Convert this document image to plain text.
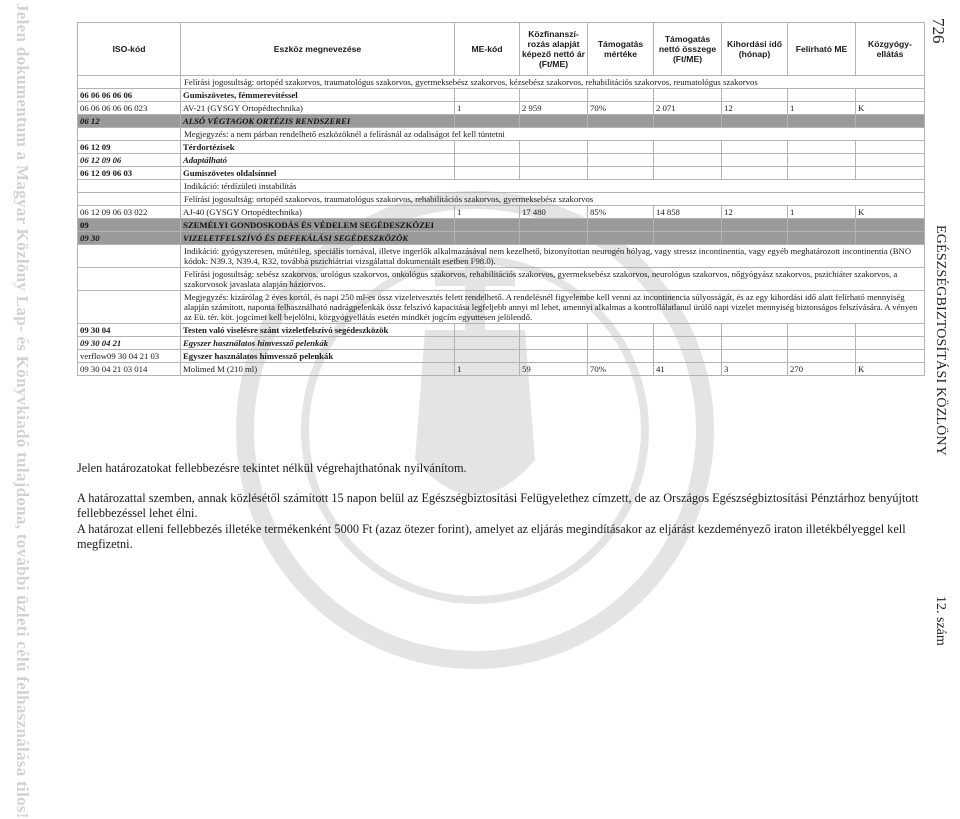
Jelen dokumentum a Magyar Közlöny Lap- és Könyvkiadó tulajdona, további üzleti célú felhasználása tilos!	726
EGÉSZSÉGBIZTOSÍTÁSI KÖZLÖNY
12. szám
ISO-kód	Eszköz megnevezése	ME-kód	Közfinanszí-rozás alapját képező nettó ár (Ft/ME)	Támogatás mértéke	Támogatás nettó összege (Ft/ME)	Kihordási idő (hónap)	Felírható ME	Közgyógy-ellátás
	Felírási jogosultság: ortopéd szakorvos, traumatológus szakorvos, gyermeksebész szakorvos, kézsebész szakorvos, rehabilitációs szakorvos, reumatológus szakorvos							
06 06 06 06 06	Gumiszövetes, fémmerevítéssel							
06 06 06 06 06 023	AV-21 (GYSGY Ortopédtechnika)	1	2 959	70%	2 071	12	1	K
06 12	ALSÓ VÉGTAGOK ORTÉZIS RENDSZEREI							
	Megjegyzés: a nem párban rendelhető eszközöknél a felírásnál az odaliságot fel kell tüntetni							
06 12 09	Térdortézisek							
06 12 09 06	Adaptálható							
06 12 09 06 03	Gumiszövetes oldalsínnel							
	Indikáció: térdízületi instabilitás							
	Felírási jogosultság: ortopéd szakorvos, traumatológus szakorvos, rehabilitációs szakorvos, gyermeksebész szakorvos							
06 12 09 06 03 022	AJ-40 (GYSGY Ortopédtechnika)	1	17 480	85%	14 858	12	1	K
09	SZEMÉLYI GONDOSKODÁS ÉS VÉDELEM SEGÉDESZKÖZEI							
09 30	VIZELETFELSZÍVÓ ÉS DEFEKÁLÁSI SEGÉDESZKÖZÖK							
	Indikáció: gyógyszeresen, műtétileg, speciális tornával, illetve ingerlők alkalmazásával nem kezelhető, bizonyítottan neurogén hólyag, vagy stressz incontinentia, vagy egyéb meghatározott incontinentia (BNO kódok: N39.3, N39.4, R32, továbbá pszichiátriai vizsgálattal dokumentált esetben F98.0).							
	Felírási jogosultság: sebész szakorvos, urológus szakorvos, onkológus szakorvos, rehabilitációs szakorvos, gyermeksebész szakorvos, neurológus szakorvos, nőgyógyász szakorvos, pszichiáter szakorvos, a szakorvosok javaslata alapján háziorvos.							
	Megjegyzés: kizárólag 2 éves kortól, és napi 250 ml-es össz vizeletvesztés felett rendelhető. A rendelésnél figyelembe kell venni az incontinencia súlyosságát, és az egy kihordási idő alatt felírható mennyiség alapján számított, naponta felhasználható nadrágpelenkák össz felszívó kapacitása legfeljebb annyi ml lehet, amennyi alkalmas a kontrollálatlanul ürülő napi vizelet mennyiség biztonságos felszívására. A vényen az Eü. tér. köt. jogcímet kell bejelölni, közgyógyellátás esetén mindkét jogcím egyuttesen jelölendő.							
09 30 04	Testen való viselésre szánt vizeletfelszívó segédeszközök							
09 30 04 21	Egyszer használatos hímvessző pelenkák							
verflow09 30 04 21 03	Egyszer használatos hímvessző pelenkák							
09 30 04 21 03 014	Molimed M (210 ml)	1	59	70%	41	3	270	K
Jelen határozatokat fellebbezésre tekintet nélkül végrehajthatónak nyilvánítom.
A határozattal szemben, annak közlésétől számított 15 napon belül az Egészségbiztosítási Felügyelethez címzett, de az Országos Egészségbiztosítási Pénztárhoz benyújtott fellebbezéssel lehet élni.
A határozat elleni fellebbezés illetéke termékenként 5000 Ft (azaz ötezer forint), amelyet az eljárás megindításakor az eljárást kezdeményező iraton illetékbélyeggel kell megfizetni.
